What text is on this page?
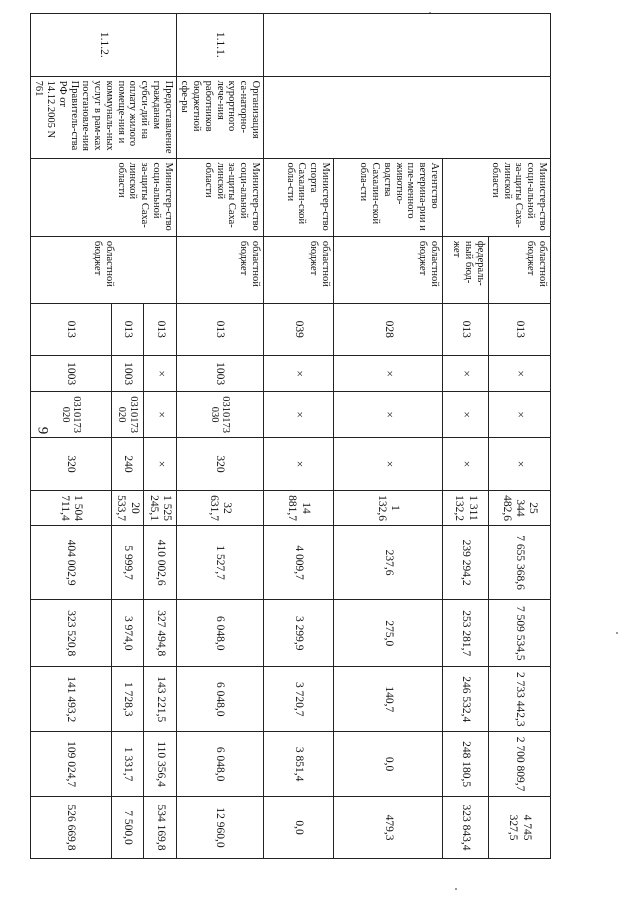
9
		Министер-ство соци-альной за-щиты Саха-линской области	областной бюджет	013	×	×	×	25 344 482,6	7 655 368,6	7 509 534,5	2 733 442,3	2 700 809,7	4 745 327,5
			федераль-ный бюд-жет	013	×	×	×	1 311 132,2	239 294,2	253 281,7	246 532,4	248 180,5	323 843,4
		Агентство ветерина-рии и пле-менного животно-водства Сахалин-ской обла-сти	областной бюджет	028	×	×	×	1 132,6	237,6	275,0	140,7	0,0	479,3
		Министер-ство спорта Сахалин-ской обла-сти	областной бюджет	039	×	×	×	14 881,7	4 009,7	3 299,9	3 720,7	3 851,4	0,0
1.1.1.	Организация са-наторно-курортного лече-ния работников бюджетной сфе-ры	Министер-ство соци-альной за-щиты Саха-линской области	областной бюджет	013	1003	0310173 030	320	32 631,7	1 527,7	6 048,0	6 048,0	6 048,0	12 960,0
1.1.2.	Предоставление гражданам субси-дий на оплату жилого помеще-ния и коммуналь-ных услуг в рам-ках постановле-ния Правитель-ства РФ от 14.12.2005 N 761	Министер-ство соци-альной за-щиты Саха-линской области	областной бюджет	013	×	×	×	1 525 245,1	410 002,6	327 494,8	143 221,5	110 356,4	534 169,8
				013	1003	0310173 020	240	20 533,7	5 999,7	3 974,0	1 728,3	1 331,7	7 500,0
				013	1003	0310173 020	320	1 504 711,4	404 002,9	323 520,8	141 493,2	109 024,7	526 669,8
